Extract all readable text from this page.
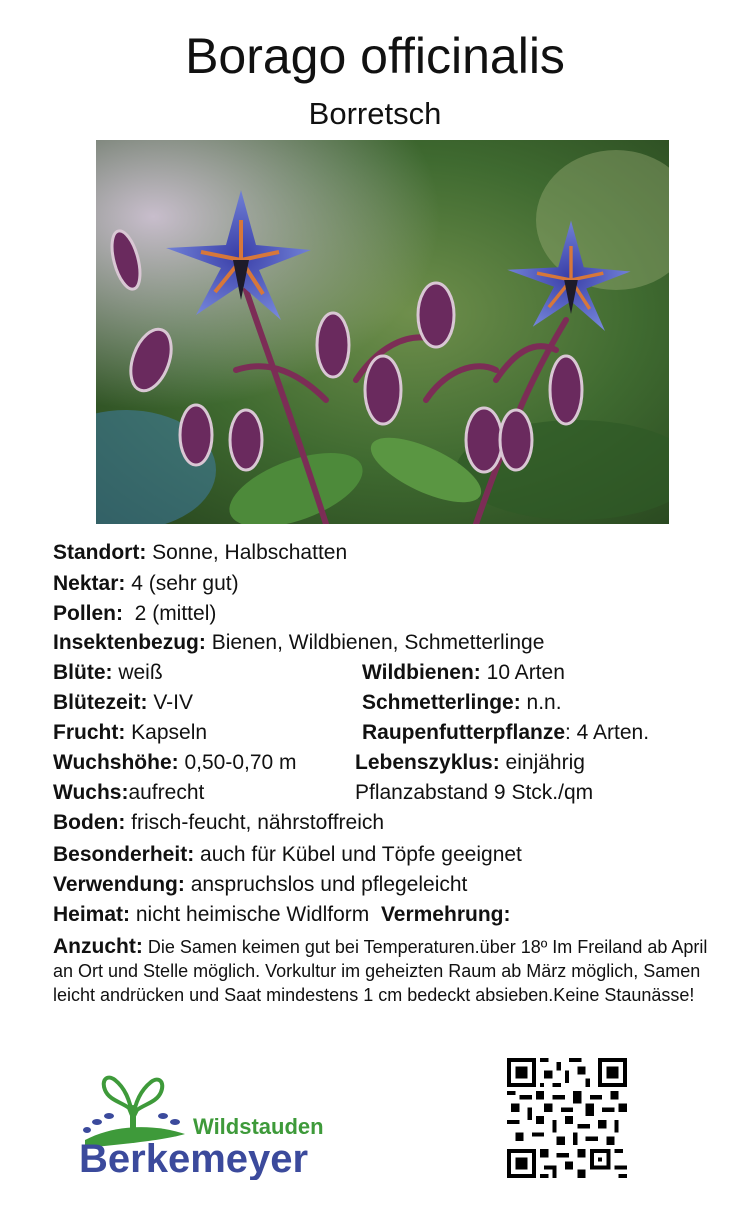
Borago officinalis
Borretsch
Standort: Sonne, Halbschatten
Nektar: 4 (sehr gut)
Pollen:  2 (mittel)
Insektenbezug: Bienen, Wildbienen, Schmetterlinge
Blüte: weiß	Wildbienen: 10 Arten
Blütezeit: V-IV	Schmetterlinge: n.n.
Frucht: Kapseln	Raupenfutterpflanze: 4 Arten.
Wuchshöhe: 0,50-0,70 m	Lebenszyklus: einjährig
Wuchs:aufrecht	Pflanzabstand 9 Stck./qm
Boden: frisch-feucht, nährstoffreich
Besonderheit: auch für Kübel und Töpfe geeignet
Verwendung: anspruchslos und pflegeleicht
Heimat: nicht heimische Widlform  Vermehrung:
Anzucht: Die Samen keimen gut bei Temperaturen.über 18º Im Freiland ab April an Ort und Stelle möglich. Vorkultur im geheizten Raum ab März möglich, Samen leicht andrücken und Saat mindestens 1 cm bedeckt absieben.Keine Staunässe!
Wildstauden
Berkemeyer
